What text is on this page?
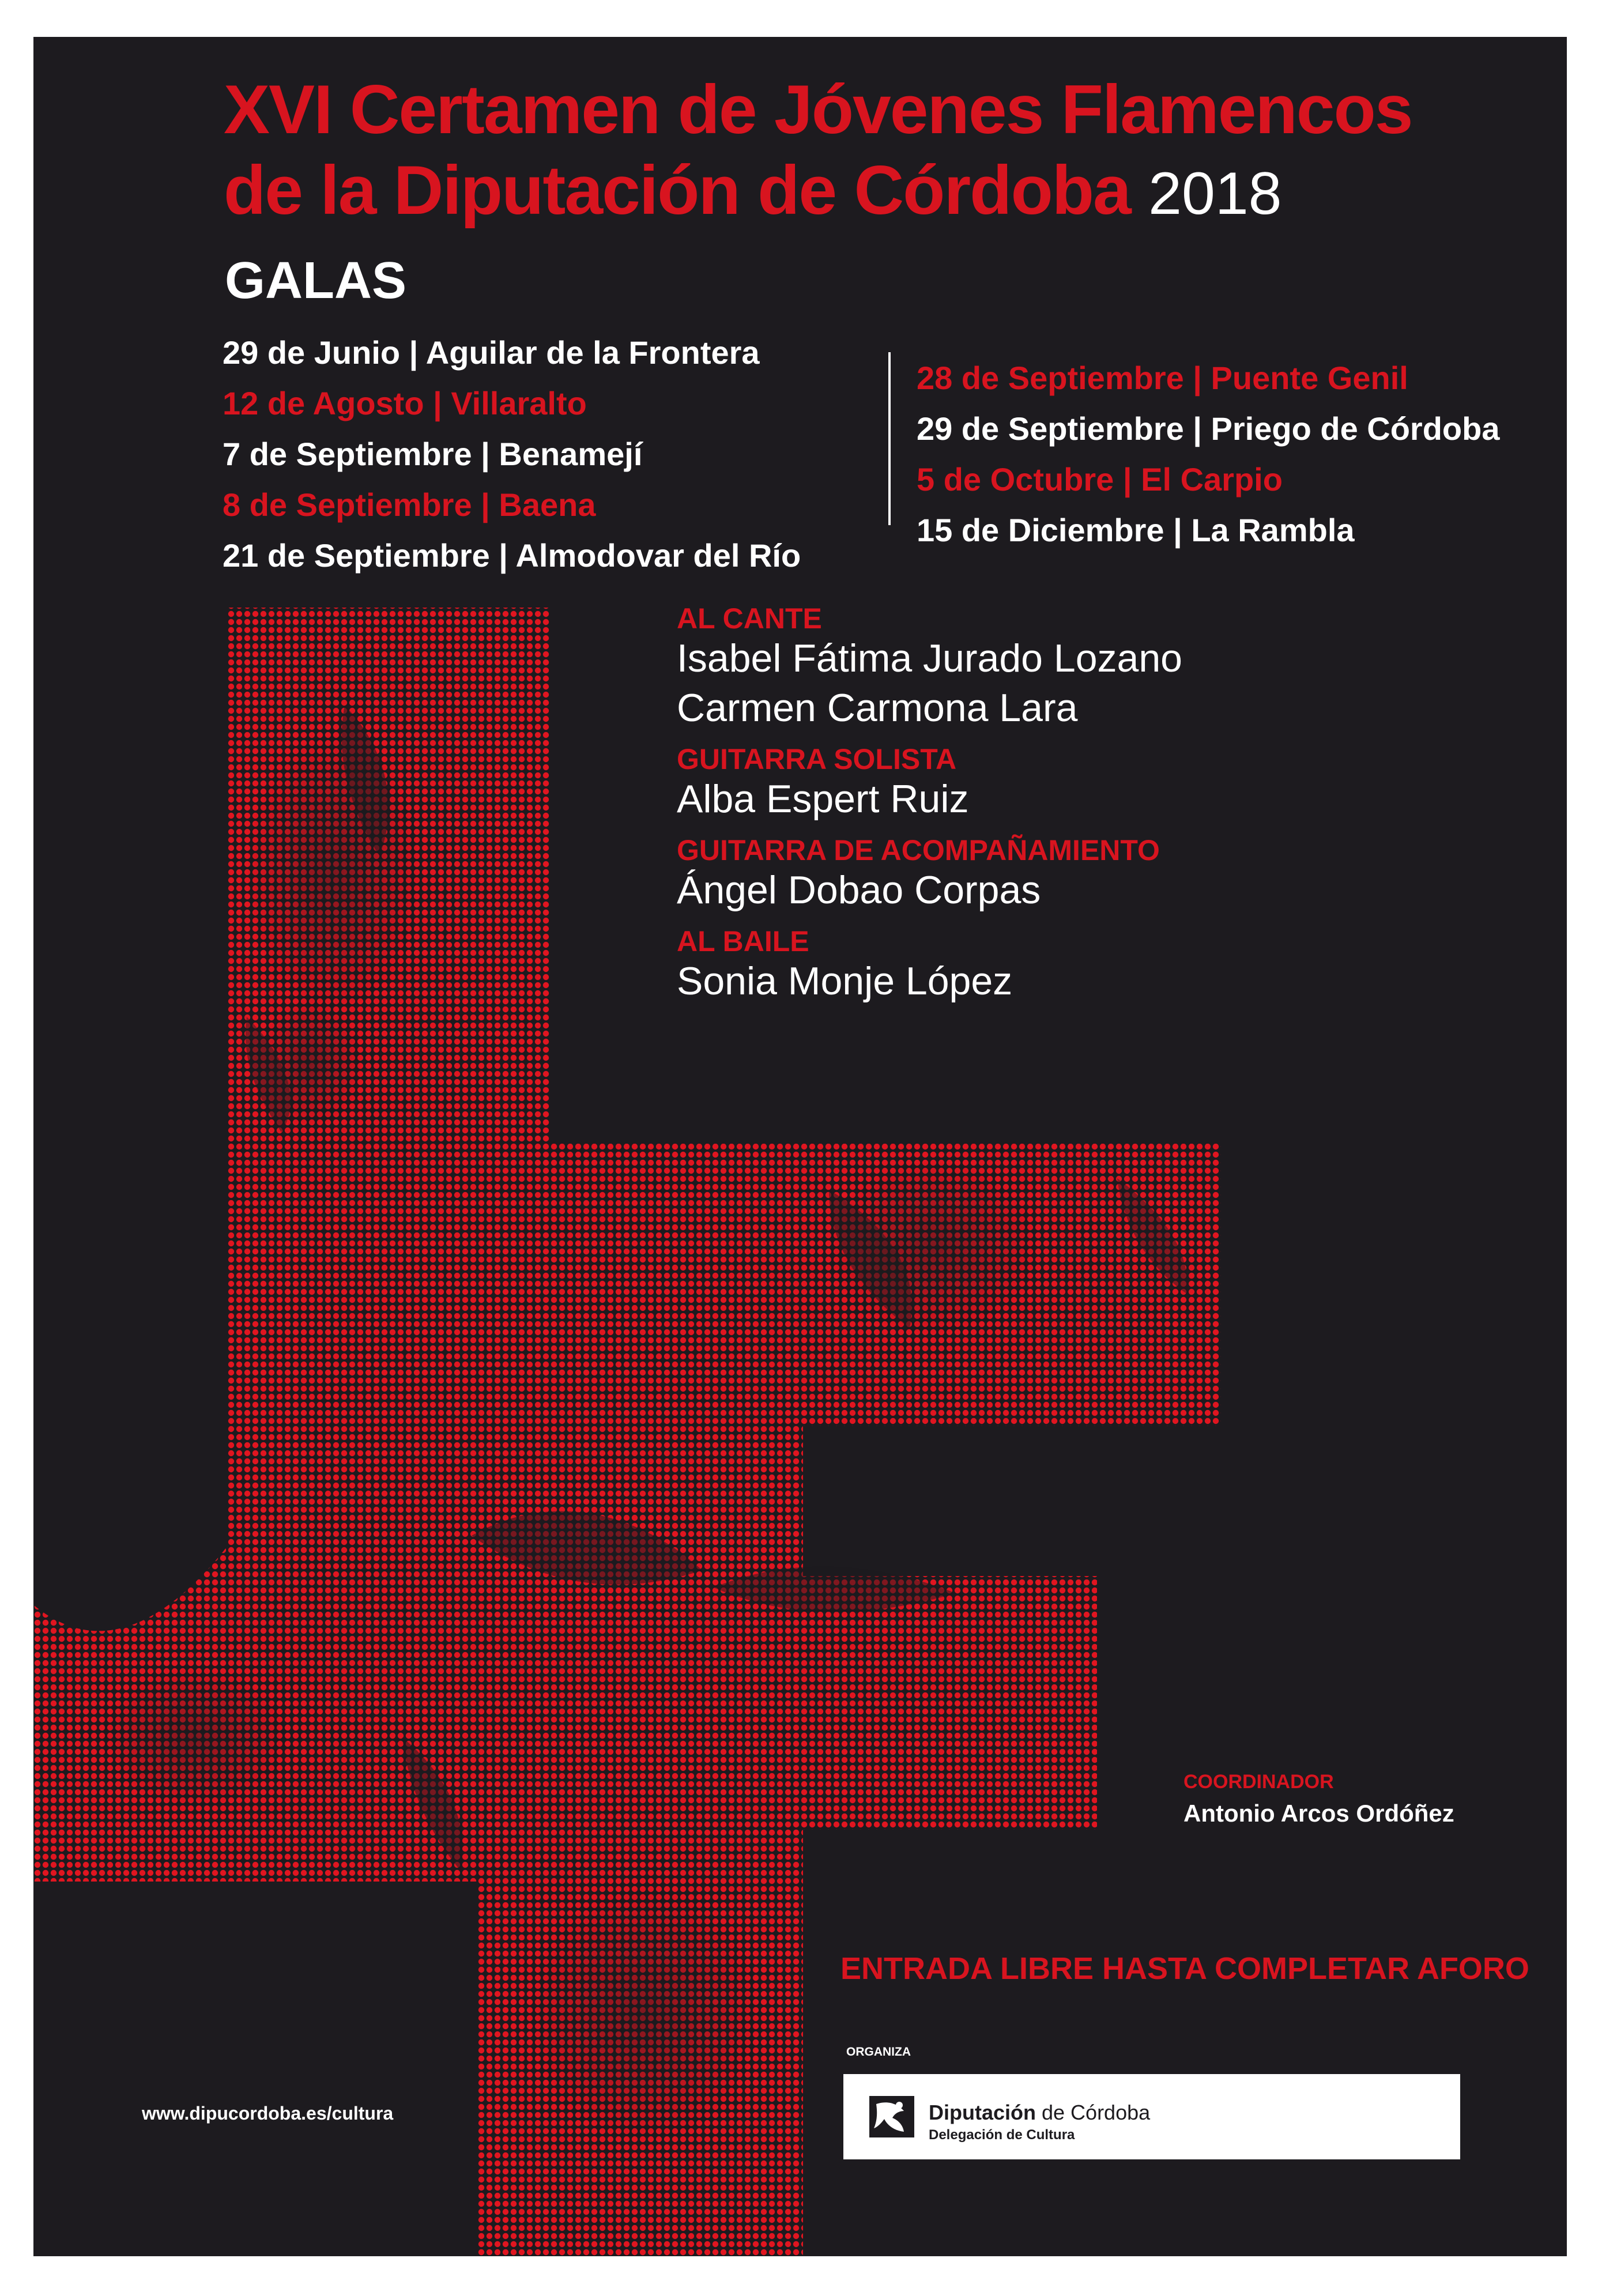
XVI Certamen de Jóvenes Flamencos
de la Diputación de Córdoba 2018
GALAS
COORDINADOR
Antonio Arcos Ordóñez
ENTRADA LIBRE HASTA COMPLETAR AFORO
www.dipucordoba.es/cultura
ORGANIZA
Diputación de Córdoba
Delegación de Cultura
29 de Junio | Aguilar de la Frontera
12 de Agosto | Villaralto
7 de Septiembre | Benamejí
8 de Septiembre | Baena
21 de Septiembre | Almodovar del Río
28 de Septiembre | Puente Genil
29 de Septiembre | Priego de Córdoba
5 de Octubre | El Carpio
15 de Diciembre | La Rambla
AL CANTE
Isabel Fátima Jurado Lozano
Carmen Carmona Lara
GUITARRA SOLISTA
Alba Espert Ruiz
GUITARRA DE ACOMPAÑAMIENTO
Ángel Dobao Corpas
AL BAILE
Sonia Monje López
